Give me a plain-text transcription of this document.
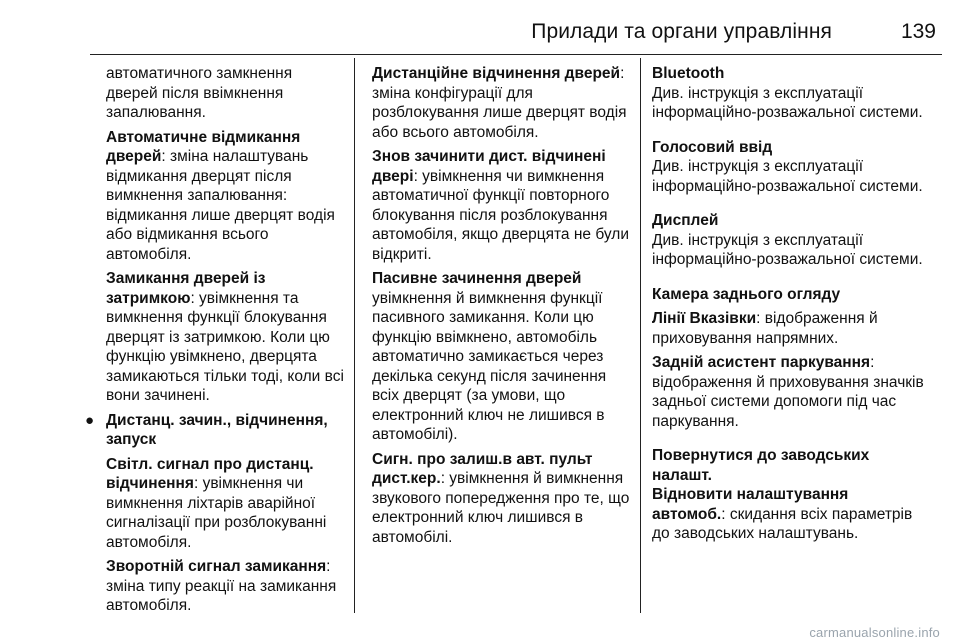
Прилади та органи управління	139

автоматичного замкнення дверей після ввімкнення запалювання.

Автоматичне відмикання дверей: зміна налаштувань відмикання дверцят після вимкнення запалювання: відмикання лише дверцят водія або відмикання всього автомобіля.

Замикання дверей із затримкою: увімкнення та вимкнення функції блокування дверцят із затримкою. Коли цю функцію увімкнено, дверцята замикаються тільки тоді, коли всі вони зачинені.

● Дистанц. зачин., відчинення, запуск

Світл. сигнал про дистанц. відчинення: увімкнення чи вимкнення ліхтарів аварійної сигналізації при розблокуванні автомобіля.

Зворотній сигнал замикання: зміна типу реакції на замикання автомобіля.

Дистанційне відчинення дверей: зміна конфігурації для розблокування лише дверцят водія або всього автомобіля.

Знов зачинити дист. відчинені двері: увімкнення чи вимкнення автоматичної функції повторного блокування після розблокування автомобіля, якщо дверцята не були відкриті.

Пасивне зачинення дверей
увімкнення й вимкнення функції пасивного замикання. Коли цю функцію ввімкнено, автомобіль автоматично замикається через декілька секунд після зачинення всіх дверцят (за умови, що електронний ключ не лишився в автомобілі).

Сигн. про залиш.в авт. пульт дист.кер.: увімкнення й вимкнення звукового попередження про те, що електронний ключ лишився в автомобілі.

Bluetooth
Див. інструкція з експлуатації інформаційно-розважальної системи.

Голосовий ввід
Див. інструкція з експлуатації інформаційно-розважальної системи.

Дисплей
Див. інструкція з експлуатації інформаційно-розважальної системи.

Камера заднього огляду

Лінії Вказівки: відображення й приховування напрямних.

Задній асистент паркування: відображення й приховування значків задньої системи допомоги під час паркування.

Повернутися до заводських налашт.
Відновити налаштування автомоб.: скидання всіх параметрів до заводських налаштувань.

carmanualsonline.info
